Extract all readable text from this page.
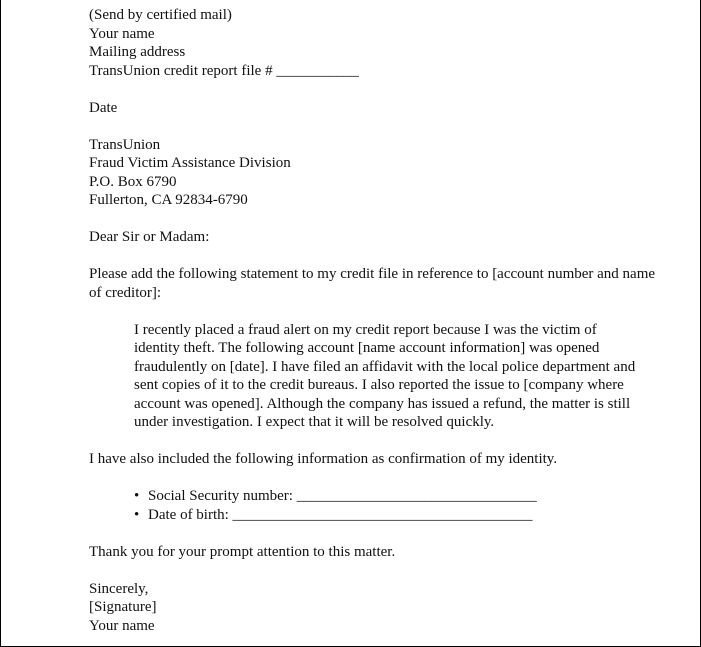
(Send by certified mail)
Your name
Mailing address
TransUnion credit report file # ___________
Date
TransUnion
Fraud Victim Assistance Division
P.O. Box 6790
Fullerton, CA 92834-6790
Dear Sir or Madam:

Please add the following statement to my credit file in reference to [account number and name of creditor]:

I recently placed a fraud alert on my credit report because I was the victim of identity theft. The following account [name account information] was opened fraudulently on [date]. I have filed an affidavit with the local police department and sent copies of it to the credit bureaus. I also reported the issue to [company where account was opened]. Although the company has issued a refund, the matter is still under investigation. I expect that it will be resolved quickly.

I have also included the following information as confirmation of my identity.

• Social Security number: ________________________________
• Date of birth: ________________________________________
Thank you for your prompt attention to this matter.
Sincerely,
[Signature]
Your name
